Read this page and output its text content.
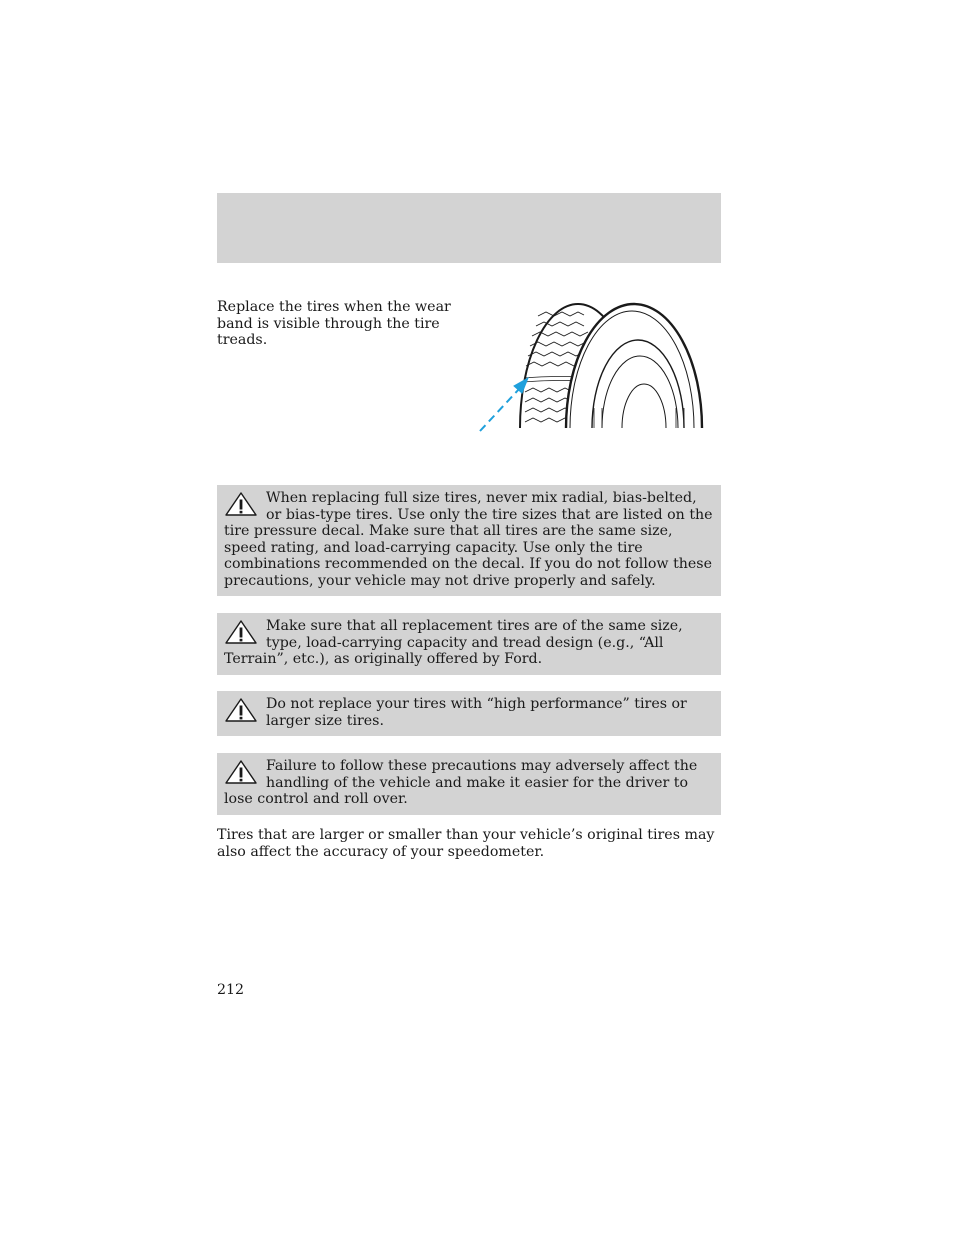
Replace the tires when the wear band is visible through the tire treads.
When replacing full size tires, never mix radial, bias-belted, or bias-type tires. Use only the tire sizes that are listed on the tire pressure decal. Make sure that all tires are the same size, speed rating, and load-carrying capacity. Use only the tire combinations recommended on the decal. If you do not follow these precautions, your vehicle may not drive properly and safely.
Make sure that all replacement tires are of the same size, type, load-carrying capacity and tread design (e.g., “All Terrain”, etc.), as originally offered by Ford.
Do not replace your tires with “high performance” tires or larger size tires.
Failure to follow these precautions may adversely affect the handling of the vehicle and make it easier for the driver to lose control and roll over.
Tires that are larger or smaller than your vehicle’s original tires may also affect the accuracy of your speedometer.
212
